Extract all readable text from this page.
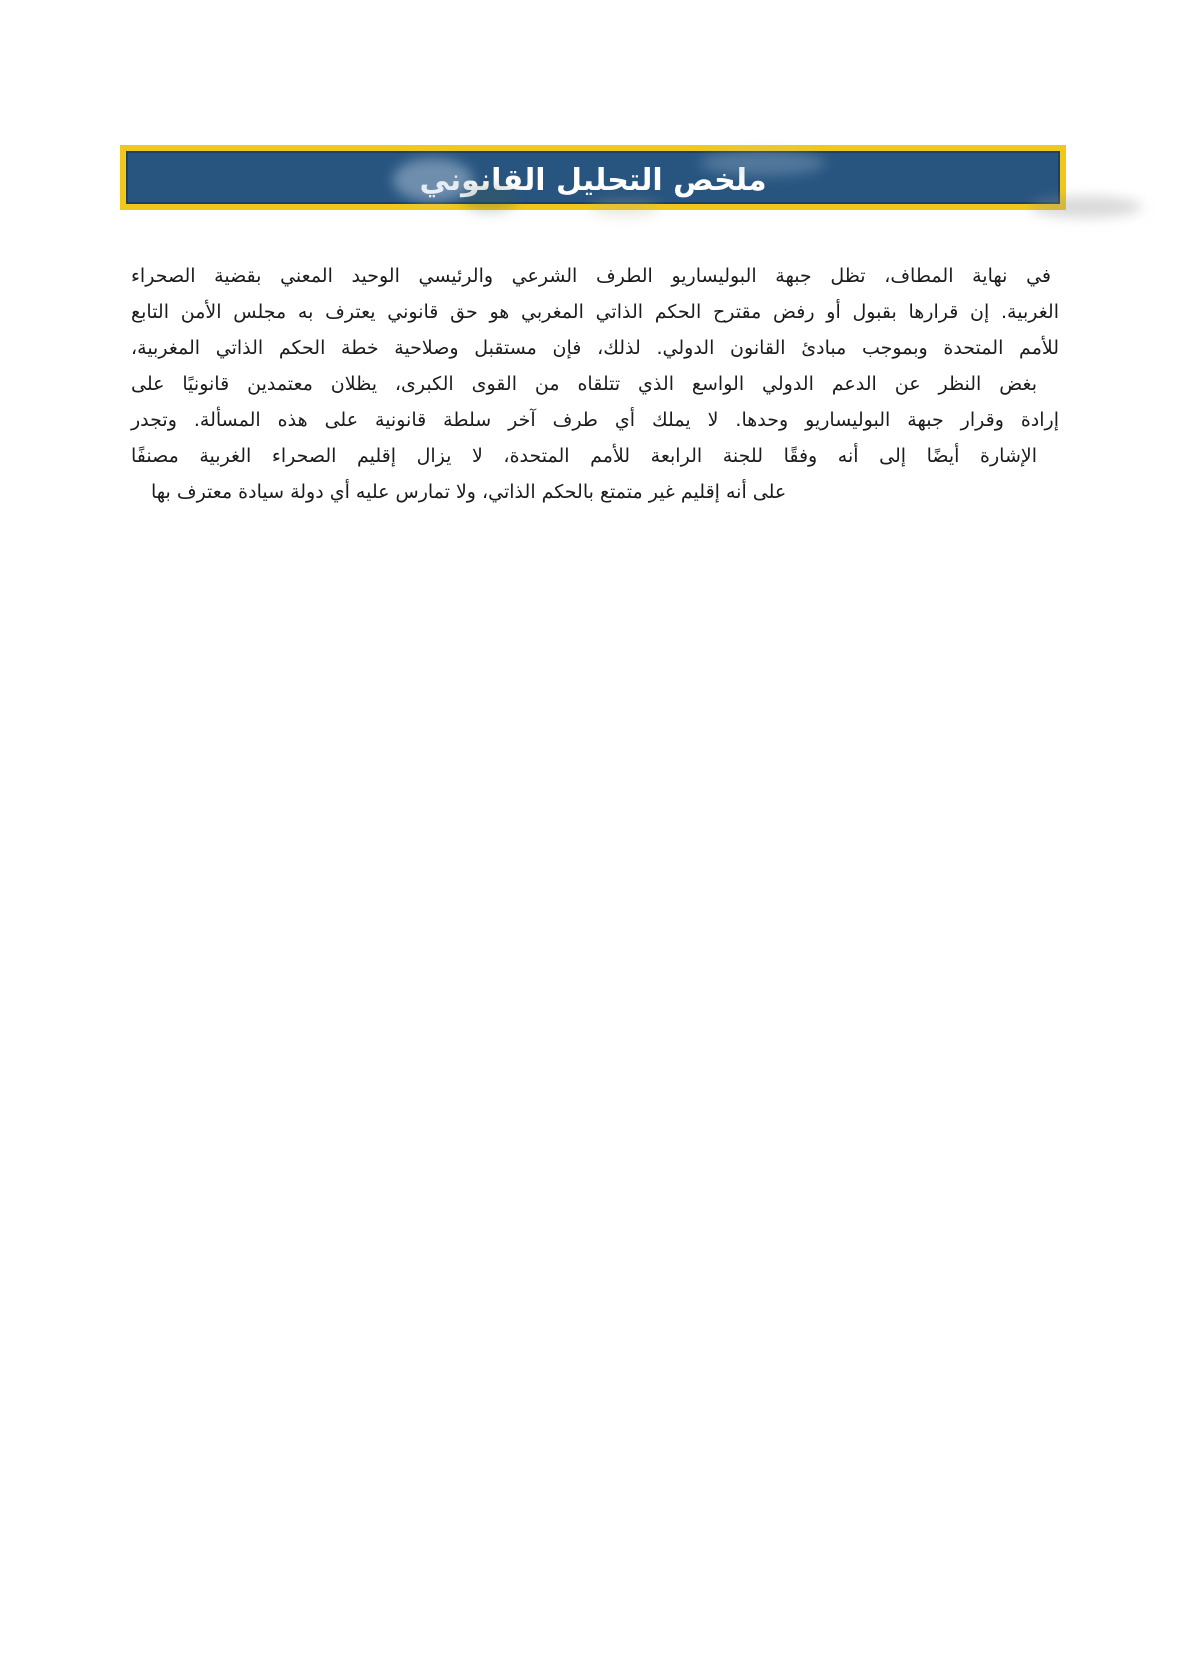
ملخص التحليل القانوني
في نهاية المطاف، تظل جبهة البوليساريو الطرف الشرعي والرئيسي الوحيد المعني بقضية الصحراء
الغربية. إن قرارها بقبول أو رفض مقترح الحكم الذاتي المغربي هو حق قانوني يعترف به مجلس الأمن التابع
للأمم المتحدة وبموجب مبادئ القانون الدولي. لذلك، فإن مستقبل وصلاحية خطة الحكم الذاتي المغربية،
بغض النظر عن الدعم الدولي الواسع الذي تتلقاه من القوى الكبرى، يظلان معتمدين قانونيًا على
إرادة وقرار جبهة البوليساريو وحدها. لا يملك أي طرف آخر سلطة قانونية على هذه المسألة. وتجدر
الإشارة أيضًا إلى أنه وفقًا للجنة الرابعة للأمم المتحدة، لا يزال إقليم الصحراء الغربية مصنفًا
على أنه إقليم غير متمتع بالحكم الذاتي، ولا تمارس عليه أي دولة سيادة معترف بها
